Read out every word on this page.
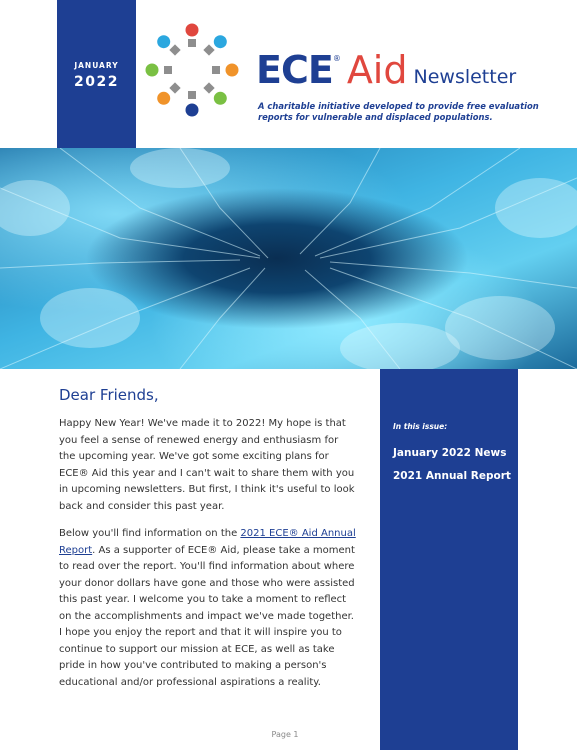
JANUARY
2022	ECE® Aid Newsletter
A charitable initiative developed to provide free evaluation reports for vulnerable and displaced populations.

Dear Friends,

Happy New Year! We've made it to 2022! My hope is that you feel a sense of renewed energy and enthusiasm for the upcoming year. We've got some exciting plans for ECE® Aid this year and I can't wait to share them with you in upcoming newsletters. But first, I think it's useful to look back and consider this past year.

Below you'll find information on the 2021 ECE® Aid Annual Report. As a supporter of ECE® Aid, please take a moment to read over the report. You'll find information about where your donor dollars have gone and those who were assisted this past year. I welcome you to take a moment to reflect on the accomplishments and impact we've made together. I hope you enjoy the report and that it will inspire you to continue to support our mission at ECE, as well as take pride in how you've contributed to making a person's educational and/or professional aspirations a reality.

In this issue:
January 2022 News
2021 Annual Report
Page 1
